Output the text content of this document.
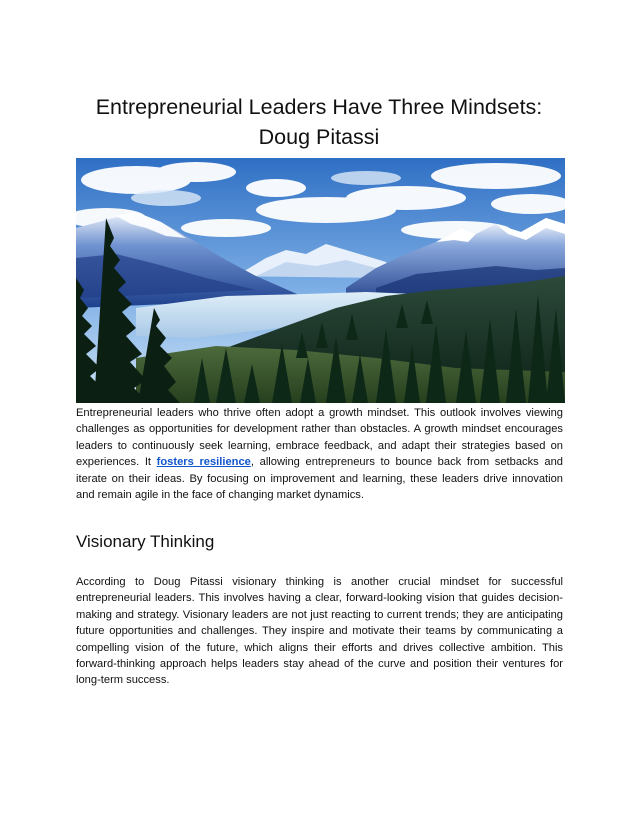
Entrepreneurial Leaders Have Three Mindsets:
Doug Pitassi

Entrepreneurial leaders who thrive often adopt a growth mindset. This outlook involves viewing challenges as opportunities for development rather than obstacles. A growth mindset encourages leaders to continuously seek learning, embrace feedback, and adapt their strategies based on experiences. It fosters resilience, allowing entrepreneurs to bounce back from setbacks and iterate on their ideas. By focusing on improvement and learning, these leaders drive innovation and remain agile in the face of changing market dynamics.

Visionary Thinking

According to Doug Pitassi visionary thinking is another crucial mindset for successful entrepreneurial leaders. This involves having a clear, forward-looking vision that guides decision-making and strategy. Visionary leaders are not just reacting to current trends; they are anticipating future opportunities and challenges. They inspire and motivate their teams by communicating a compelling vision of the future, which aligns their efforts and drives collective ambition. This forward-thinking approach helps leaders stay ahead of the curve and position their ventures for long-term success.
